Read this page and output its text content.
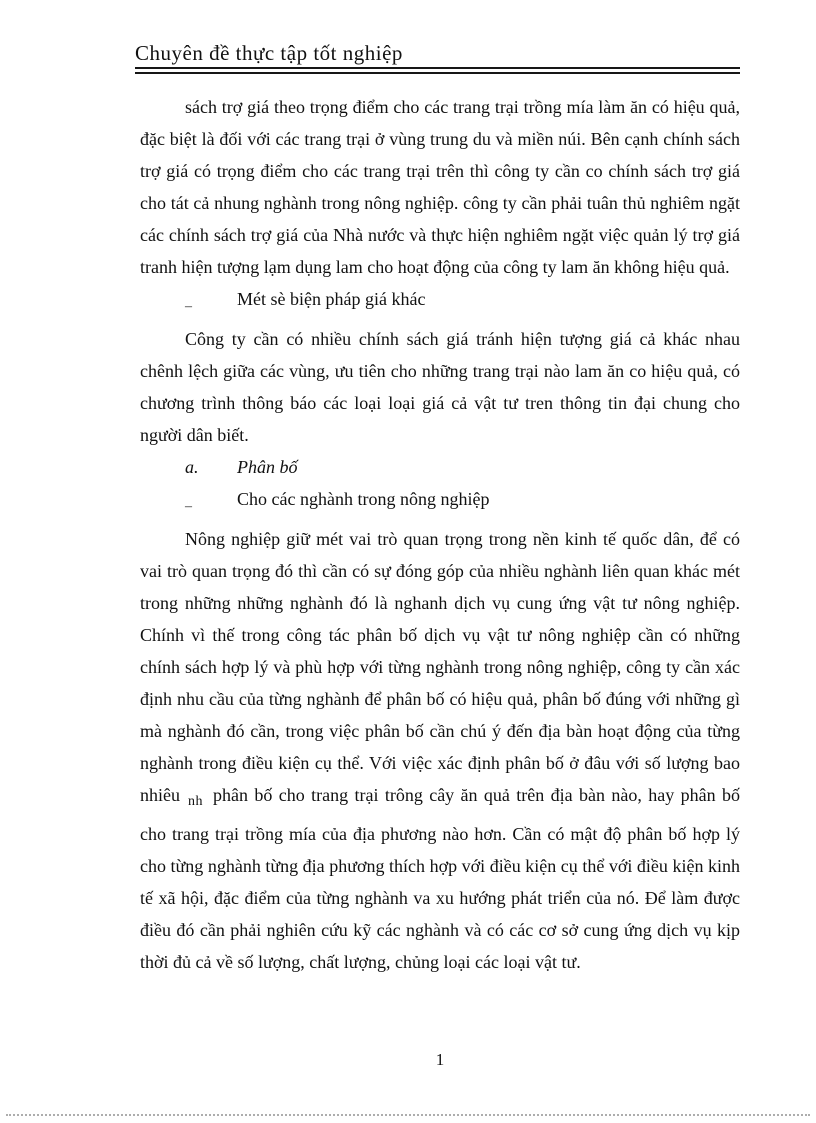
Chuyên đề thực tập tốt nghiệp

sách trợ giá theo trọng điểm cho các trang trại trồng mía làm ăn có hiệu quả, đặc biệt là đối với các trang trại ở vùng trung du và miền núi. Bên cạnh chính sách trợ giá có trọng điểm cho các trang trại trên thì công ty cần co chính sách trợ giá cho tát cả nhung nghành trong nông nghiệp. công ty cần phải tuân thủ nghiêm ngặt các chính sách trợ giá của Nhà nước và thực hiện nghiêm ngặt việc quản lý trợ giá tranh hiện tượng lạm dụng lam cho hoạt động của công ty lam ăn không hiệu quả.

–	Mét sè biện pháp giá khác

Công ty cần có nhiều chính sách giá tránh hiện tượng giá cả khác nhau chênh lệch giữa các vùng, ưu tiên cho những trang trại nào lam ăn co hiệu quả, có chương trình thông báo các loại loại giá cả vật tư tren thông tin đại chung cho người dân biết.

a. Phân bố

–	Cho các nghành trong nông nghiệp

Nông nghiệp giữ mét vai trò quan trọng trong nền kinh tế quốc dân, để có vai trò quan trọng đó thì cần có sự đóng góp của nhiều nghành liên quan khác mét trong những những nghành đó là nghanh dịch vụ cung ứng vật tư nông nghiệp. Chính vì thế trong công tác phân bố dịch vụ vật tư nông nghiệp cần có những chính sách hợp lý và phù hợp với từng nghành trong nông nghiệp, công ty cần xác định nhu cầu của từng nghành để phân bố có hiệu quả, phân bố đúng với những gì mà nghành đó cần, trong việc phân bố cần chú ý đến địa bàn hoạt động của từng nghành trong điều kiện cụ thể. Với việc xác định phân bố ở đâu với số lượng bao nhiêu $_{nh}$ phân bố cho trang trại trông cây ăn quả trên địa bàn nào, hay phân bố cho trang trại trồng mía của địa phương nào hơn. Cần có mật độ phân bố hợp lý cho từng nghành từng địa phương thích hợp với điều kiện cụ thể với điều kiện kinh tế xã hội, đặc điểm của từng nghành va xu hướng phát triển của nó. Để làm được điều đó cần phải nghiên cứu kỹ các nghành và có các cơ sở cung ứng dịch vụ kịp thời đủ cả về số lượng, chất lượng, chủng loại các loại vật tư.

1
